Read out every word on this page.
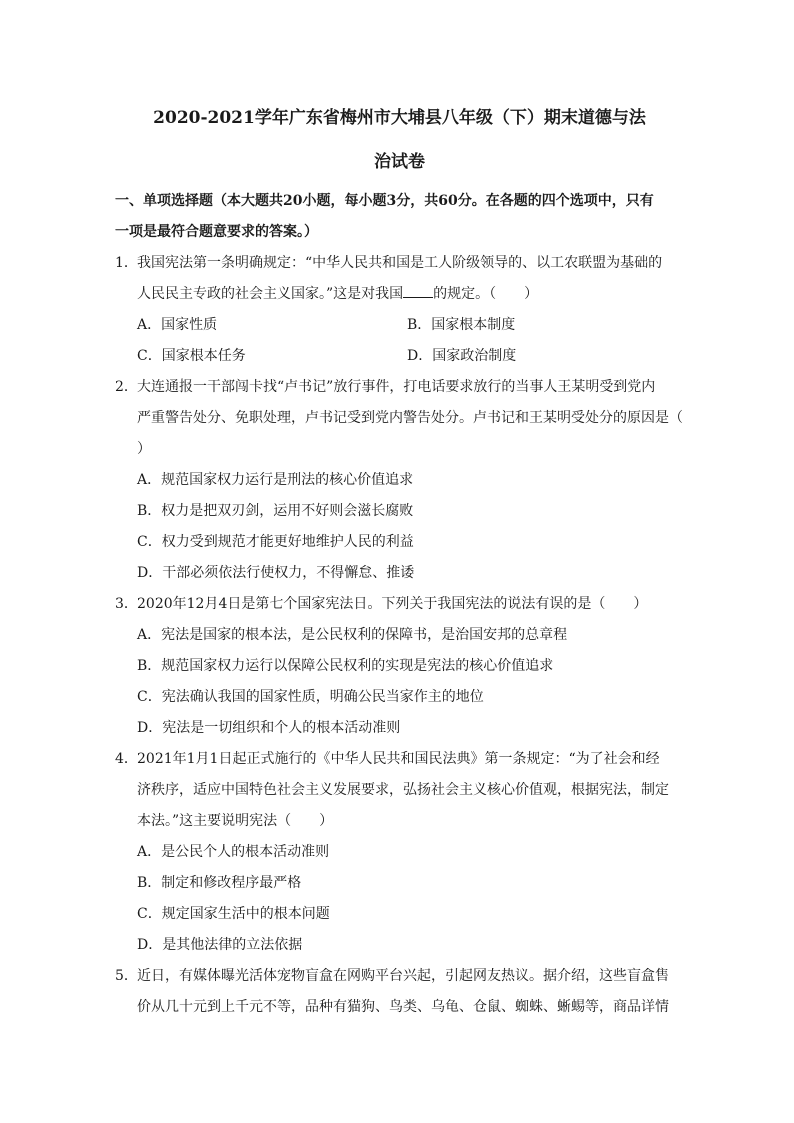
2020-2021学年广东省梅州市大埔县八年级（下）期末道德与法
治试卷
一、单项选择题（本大题共20小题，每小题3分，共60分。在各题的四个选项中，只有
一项是最符合题意要求的答案。）
1．我国宪法第一条明确规定：“中华人民共和国是工人阶级领导的、以工农联盟为基础的
人民民主专政的社会主义国家。”这是对我国 的规定。（　　）
A．国家性质	B．国家根本制度
C．国家根本任务	D．国家政治制度
2．大连通报一干部闯卡找“卢书记”放行事件，打电话要求放行的当事人王某明受到党内
严重警告处分、免职处理，卢书记受到党内警告处分。卢书记和王某明受处分的原因是（
）
A．规范国家权力运行是刑法的核心价值追求
B．权力是把双刃剑，运用不好则会滋长腐败
C．权力受到规范才能更好地维护人民的利益
D．干部必须依法行使权力，不得懈怠、推诿
3．2020年12月4日是第七个国家宪法日。下列关于我国宪法的说法有误的是（　　）
A．宪法是国家的根本法，是公民权利的保障书，是治国安邦的总章程
B．规范国家权力运行以保障公民权利的实现是宪法的核心价值追求
C．宪法确认我国的国家性质，明确公民当家作主的地位
D．宪法是一切组织和个人的根本活动准则
4．2021年1月1日起正式施行的《中华人民共和国民法典》第一条规定：“为了社会和经
济秩序，适应中国特色社会主义发展要求，弘扬社会主义核心价值观，根据宪法，制定
本法。”这主要说明宪法（　　）
A．是公民个人的根本活动准则
B．制定和修改程序最严格
C．规定国家生活中的根本问题
D．是其他法律的立法依据
5．近日，有媒体曝光活体宠物盲盒在网购平台兴起，引起网友热议。据介绍，这些盲盒售
价从几十元到上千元不等，品种有猫狗、鸟类、乌龟、仓鼠、蜘蛛、蜥蜴等，商品详情
